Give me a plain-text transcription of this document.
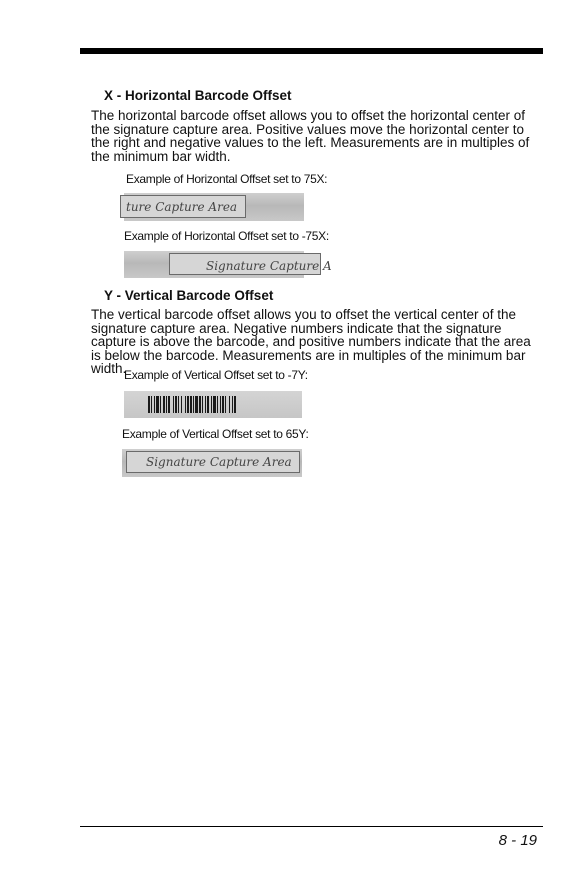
X - Horizontal Barcode Offset
The horizontal barcode offset allows you to offset the horizontal center of the signature capture area. Positive values move the horizontal center to the right and negative values to the left. Measurements are in multiples of the minimum bar width.
Example of Horizontal Offset set to 75X:
ture Capture Area
Example of Horizontal Offset set to -75X:
Signature Capture A
Y - Vertical Barcode Offset
The vertical barcode offset allows you to offset the vertical center of the signature capture area. Negative numbers indicate that the signature capture is above the barcode, and positive numbers indicate that the area is below the barcode. Measurements are in multiples of the minimum bar width.
Example of Vertical Offset set to -7Y:
Example of Vertical Offset set to 65Y:
Signature Capture Area
8 - 19
